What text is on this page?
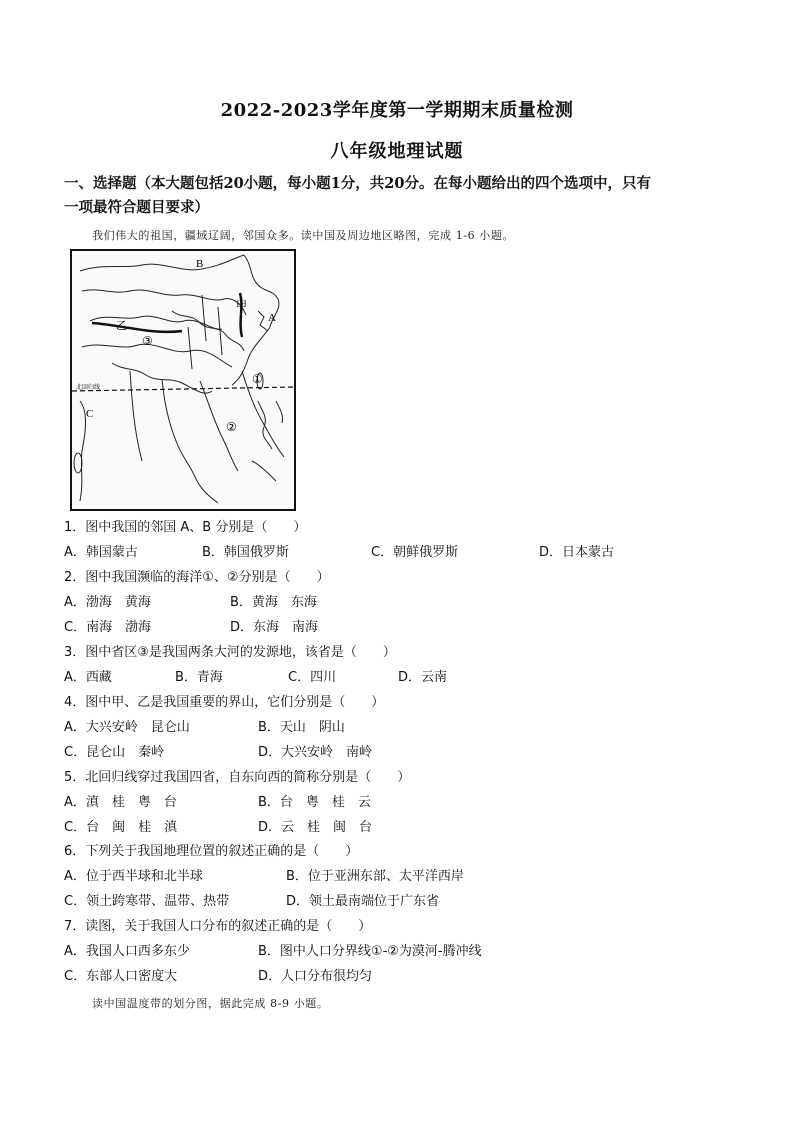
2022-2023学年度第一学期期末质量检测
八年级地理试题
一、选择题（本大题包括20小题，每小题1分，共20分。在每小题给出的四个选项中，只有
一项最符合题目要求）
我们伟大的祖国，疆域辽阔，邻国众多。读中国及周边地区略图，完成 1-6 小题。
B
A
C
甲
乙
③
①
②
北回归线
1．图中我国的邻国 A、B 分别是（　　）
A．韩国蒙古	B．韩国俄罗斯	C．朝鲜俄罗斯	D．日本蒙古
2．图中我国濒临的海洋①、②分别是（　　）
A．渤海　黄海	B．黄海　东海
C．南海　渤海	D．东海　南海
3．图中省区③是我国两条大河的发源地，该省是（　　）
A．西藏	B．青海	C．四川	D．云南
4．图中甲、乙是我国重要的界山，它们分别是（　　）
A．大兴安岭　昆仑山	B．天山　阴山
C．昆仑山　秦岭	D．大兴安岭　南岭
5．北回归线穿过我国四省，自东向西的简称分别是（　　）
A．滇　桂　粤　台	B．台　粤　桂　云
C．台　闽　桂　滇	D．云　桂　闽　台
6．下列关于我国地理位置的叙述正确的是（　　）
A．位于西半球和北半球	B．位于亚洲东部、太平洋西岸
C．领土跨寒带、温带、热带	D．领土最南端位于广东省
7．读图，关于我国人口分布的叙述正确的是（　　）
A．我国人口西多东少	B．图中人口分界线①-②为漠河-腾冲线
C．东部人口密度大	D．人口分布很均匀
读中国温度带的划分图，据此完成 8-9 小题。
